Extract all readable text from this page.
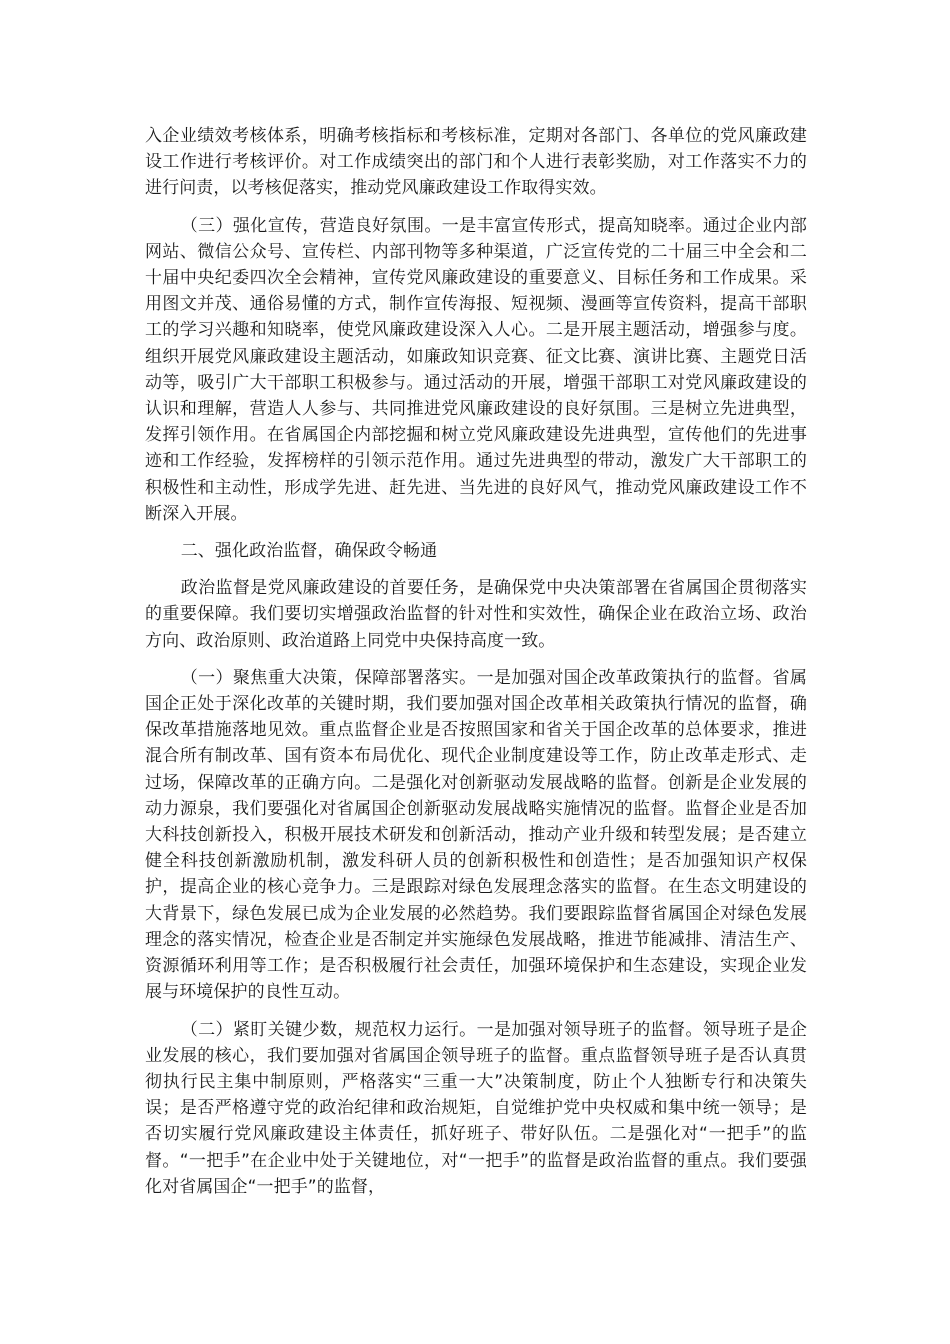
入企业绩效考核体系，明确考核指标和考核标准，定期对各部门、各单位的党风廉政建设工作进行考核评价。对工作成绩突出的部门和个人进行表彰奖励，对工作落实不力的进行问责，以考核促落实，推动党风廉政建设工作取得实效。

（三）强化宣传，营造良好氛围。一是丰富宣传形式，提高知晓率。通过企业内部网站、微信公众号、宣传栏、内部刊物等多种渠道，广泛宣传党的二十届三中全会和二十届中央纪委四次全会精神，宣传党风廉政建设的重要意义、目标任务和工作成果。采用图文并茂、通俗易懂的方式，制作宣传海报、短视频、漫画等宣传资料，提高干部职工的学习兴趣和知晓率，使党风廉政建设深入人心。二是开展主题活动，增强参与度。组织开展党风廉政建设主题活动，如廉政知识竞赛、征文比赛、演讲比赛、主题党日活动等，吸引广大干部职工积极参与。通过活动的开展，增强干部职工对党风廉政建设的认识和理解，营造人人参与、共同推进党风廉政建设的良好氛围。三是树立先进典型，发挥引领作用。在省属国企内部挖掘和树立党风廉政建设先进典型，宣传他们的先进事迹和工作经验，发挥榜样的引领示范作用。通过先进典型的带动，激发广大干部职工的积极性和主动性，形成学先进、赶先进、当先进的良好风气，推动党风廉政建设工作不断深入开展。

二、强化政治监督，确保政令畅通

政治监督是党风廉政建设的首要任务，是确保党中央决策部署在省属国企贯彻落实的重要保障。我们要切实增强政治监督的针对性和实效性，确保企业在政治立场、政治方向、政治原则、政治道路上同党中央保持高度一致。

（一）聚焦重大决策，保障部署落实。一是加强对国企改革政策执行的监督。省属国企正处于深化改革的关键时期，我们要加强对国企改革相关政策执行情况的监督，确保改革措施落地见效。重点监督企业是否按照国家和省关于国企改革的总体要求，推进混合所有制改革、国有资本布局优化、现代企业制度建设等工作，防止改革走形式、走过场，保障改革的正确方向。二是强化对创新驱动发展战略的监督。创新是企业发展的动力源泉，我们要强化对省属国企创新驱动发展战略实施情况的监督。监督企业是否加大科技创新投入，积极开展技术研发和创新活动，推动产业升级和转型发展；是否建立健全科技创新激励机制，激发科研人员的创新积极性和创造性；是否加强知识产权保护，提高企业的核心竞争力。三是跟踪对绿色发展理念落实的监督。在生态文明建设的大背景下，绿色发展已成为企业发展的必然趋势。我们要跟踪监督省属国企对绿色发展理念的落实情况，检查企业是否制定并实施绿色发展战略，推进节能减排、清洁生产、资源循环利用等工作；是否积极履行社会责任，加强环境保护和生态建设，实现企业发展与环境保护的良性互动。

（二）紧盯关键少数，规范权力运行。一是加强对领导班子的监督。领导班子是企业发展的核心，我们要加强对省属国企领导班子的监督。重点监督领导班子是否认真贯彻执行民主集中制原则，严格落实“三重一大”决策制度，防止个人独断专行和决策失误；是否严格遵守党的政治纪律和政治规矩，自觉维护党中央权威和集中统一领导；是否切实履行党风廉政建设主体责任，抓好班子、带好队伍。二是强化对“一把手”的监督。“一把手”在企业中处于关键地位，对“一把手”的监督是政治监督的重点。我们要强化对省属国企“一把手”的监督，
